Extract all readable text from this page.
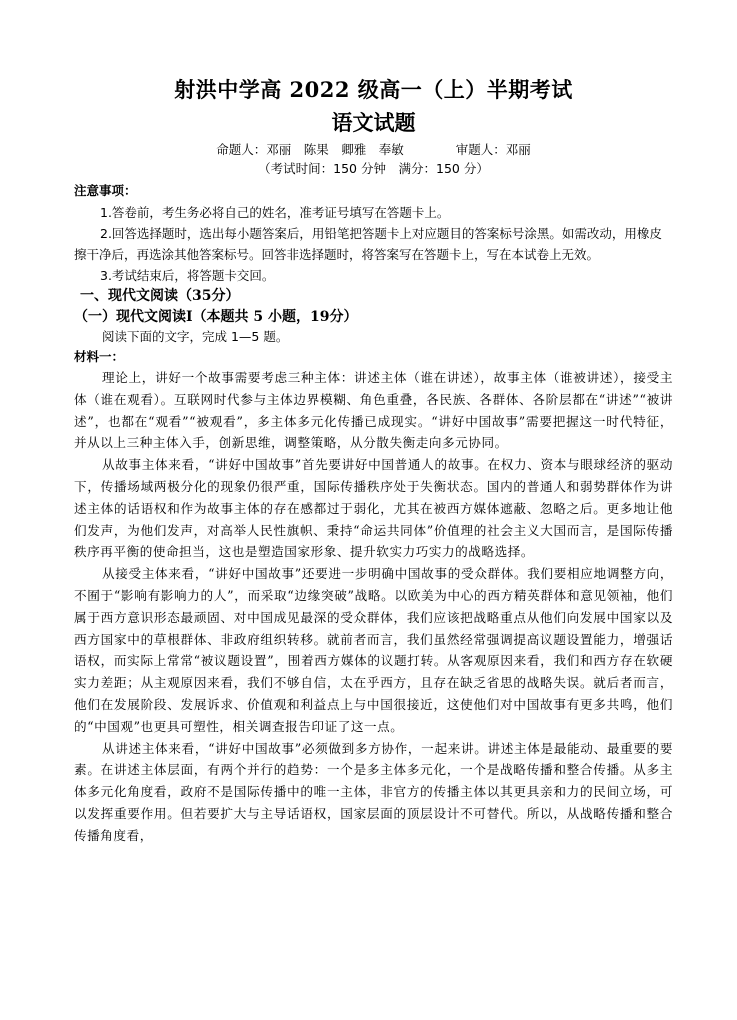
射洪中学高 2022 级高一（上）半期考试
语文试题
命题人：邓丽　陈果　卿雅　奉敏	审题人：邓丽
（考试时间：150 分钟　满分：150 分）
注意事项：

1.答卷前，考生务必将自己的姓名，准考证号填写在答题卡上。

2.回答选择题时，选出每小题答案后，用铅笔把答题卡上对应题目的答案标号涂黑。如需改动，用橡皮擦干净后，再选涂其他答案标号。回答非选择题时，将答案写在答题卡上，写在本试卷上无效。

3.考试结束后，将答题卡交回。

一、现代文阅读（35分）
（一）现代文阅读Ⅰ（本题共 5 小题，19分）

阅读下面的文字，完成 1—5 题。

材料一：

理论上，讲好一个故事需要考虑三种主体：讲述主体（谁在讲述），故事主体（谁被讲述），接受主体（谁在观看）。互联网时代参与主体边界模糊、角色重叠，各民族、各群体、各阶层都在“讲述”“被讲述”，也都在“观看”“被观看”，多主体多元化传播已成现实。“讲好中国故事”需要把握这一时代特征，并从以上三种主体入手，创新思维，调整策略，从分散失衡走向多元协同。

从故事主体来看，“讲好中国故事”首先要讲好中国普通人的故事。在权力、资本与眼球经济的驱动下，传播场域两极分化的现象仍很严重，国际传播秩序处于失衡状态。国内的普通人和弱势群体作为讲述主体的话语权和作为故事主体的存在感都过于弱化，尤其在被西方媒体遮蔽、忽略之后。更多地让他们发声，为他们发声，对高举人民性旗帜、秉持“命运共同体”价值理的社会主义大国而言，是国际传播秩序再平衡的使命担当，这也是塑造国家形象、提升软实力巧实力的战略选择。

从接受主体来看，“讲好中国故事”还要进一步明确中国故事的受众群体。我们要相应地调整方向，不囿于“影响有影响力的人”，而采取“边缘突破”战略。以欧美为中心的西方精英群体和意见领袖，他们属于西方意识形态最顽固、对中国成见最深的受众群体，我们应该把战略重点从他们向发展中国家以及西方国家中的草根群体、非政府组织转移。就前者而言，我们虽然经常强调提高议题设置能力，增强话语权，而实际上常常“被议题设置”，围着西方媒体的议题打转。从客观原因来看，我们和西方存在软硬实力差距；从主观原因来看，我们不够自信，太在乎西方，且存在缺乏省思的战略失误。就后者而言，他们在发展阶段、发展诉求、价值观和利益点上与中国很接近，这使他们对中国故事有更多共鸣，他们的“中国观”也更具可塑性，相关调查报告印证了这一点。

从讲述主体来看，“讲好中国故事”必须做到多方协作，一起来讲。讲述主体是最能动、最重要的要素。在讲述主体层面，有两个并行的趋势：一个是多主体多元化，一个是战略传播和整合传播。从多主体多元化角度看，政府不是国际传播中的唯一主体，非官方的传播主体以其更具亲和力的民间立场，可以发挥重要作用。但若要扩大与主导话语权，国家层面的顶层设计不可替代。所以，从战略传播和整合传播角度看，
